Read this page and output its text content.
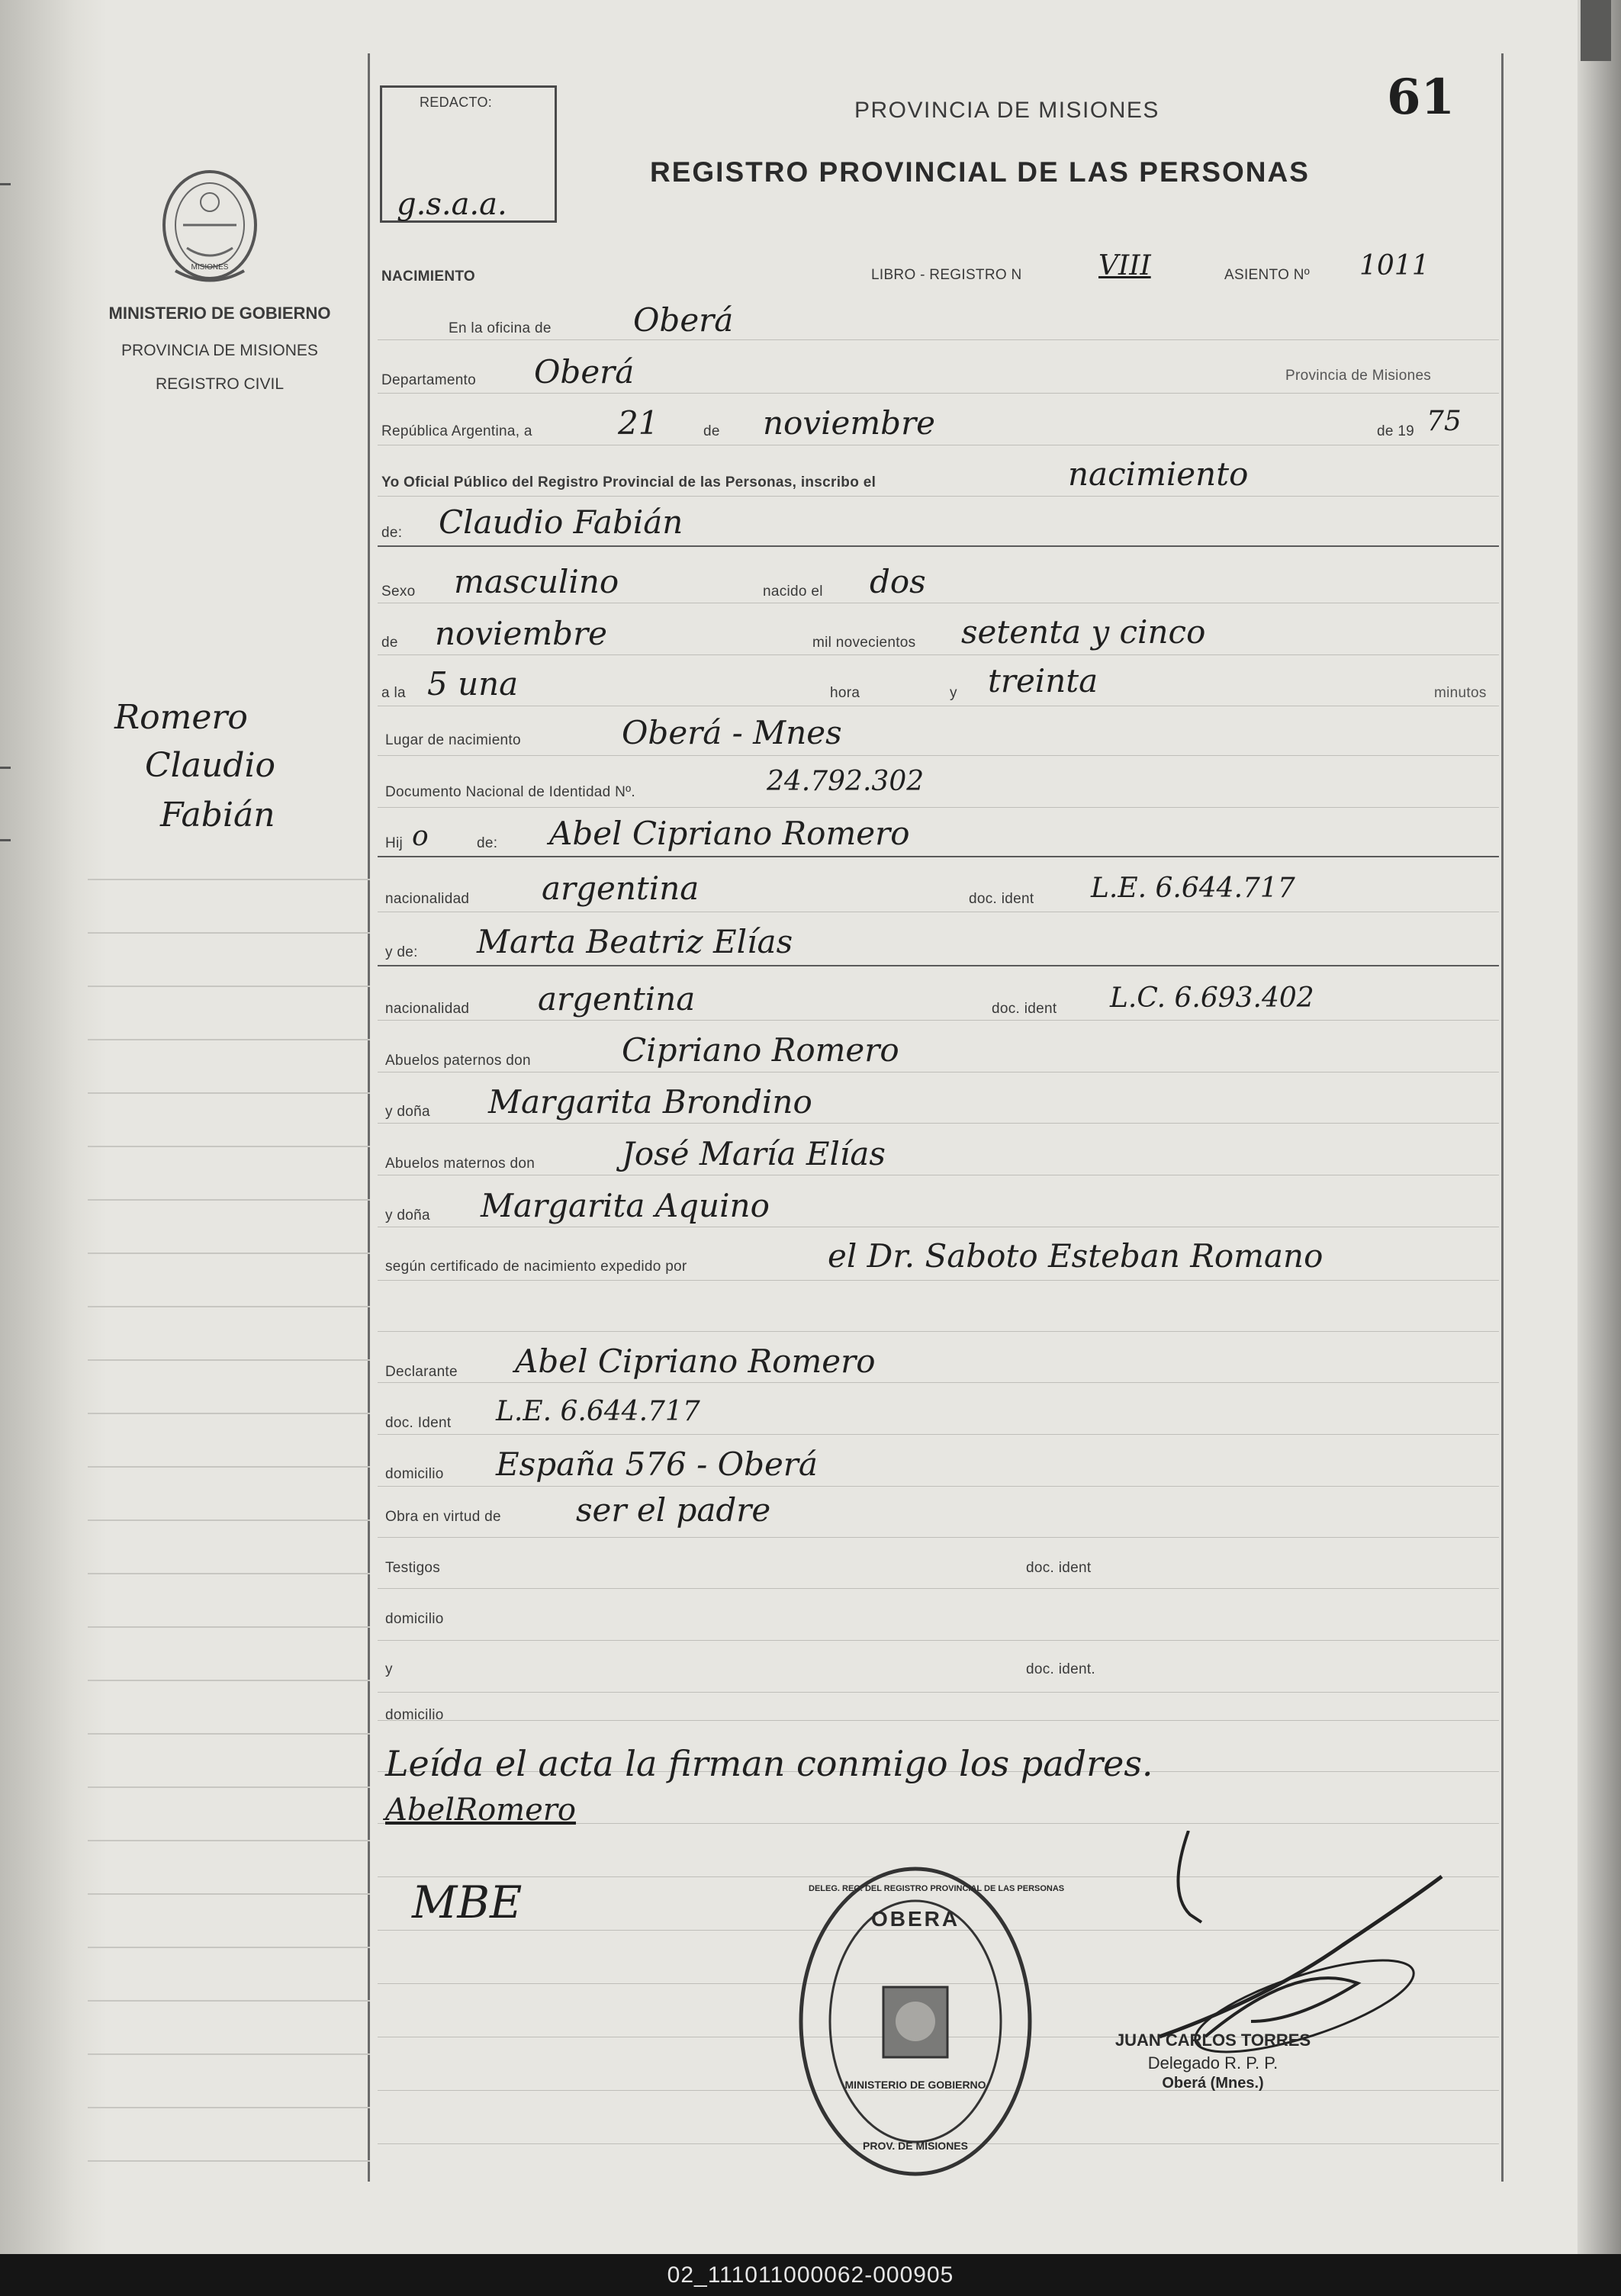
MISIONES
MINISTERIO DE GOBIERNO
PROVINCIA DE MISIONES
REGISTRO CIVIL
Romero
Claudio
Fabián
REDACTO:
g.s.a.a.
PROVINCIA DE MISIONES
REGISTRO PROVINCIAL DE LAS PERSONAS
61
NACIMIENTO	LIBRO - REGISTRO N	VIII	ASIENTO Nº 1011
En la oficina de	Oberá
Departamento Oberá	Provincia de Misiones
República Argentina, a	21	de noviembre	de 19 75
Yo Oficial Público del Registro Provincial de las Personas, inscribo el	nacimiento
de: Claudio Fabián
Sexo masculino	nacido el dos
de noviembre	mil novecientos setenta y cinco
a la 5 una	hora	y treinta	minutos
Lugar de nacimiento	Oberá - Mnes
Documento Nacional de Identidad Nº.	24.792.302
Hij o	de: Abel Cipriano Romero
nacionalidad argentina	doc. ident L.E. 6.644.717
y de: Marta Beatriz Elías
nacionalidad argentina	doc. ident L.C. 6.693.402
Abuelos paternos don	Cipriano Romero
y doña Margarita Brondino
Abuelos maternos don	José María Elías
y doña Margarita Aquino
según certificado de nacimiento expedido por	el Dr. Saboto Esteban Romano
Declarante Abel Cipriano Romero
doc. Ident L.E. 6.644.717
domicilio España 576 - Oberá
Obra en virtud de ser el padre
Testigos	doc. ident
domicilio
y	doc. ident.
domicilio
Leída el acta la firman conmigo los padres.
AbelRomero
MBE	OBERA
DELEG. REG. DEL REGISTRO PROVINCIAL DE LAS PERSONAS
MINISTERIO DE GOBIERNO
PROV. DE MISIONES
JUAN CARLOS TORRES
Delegado R. P. P.
Oberá (Mnes.)
02_111011000062-000905
